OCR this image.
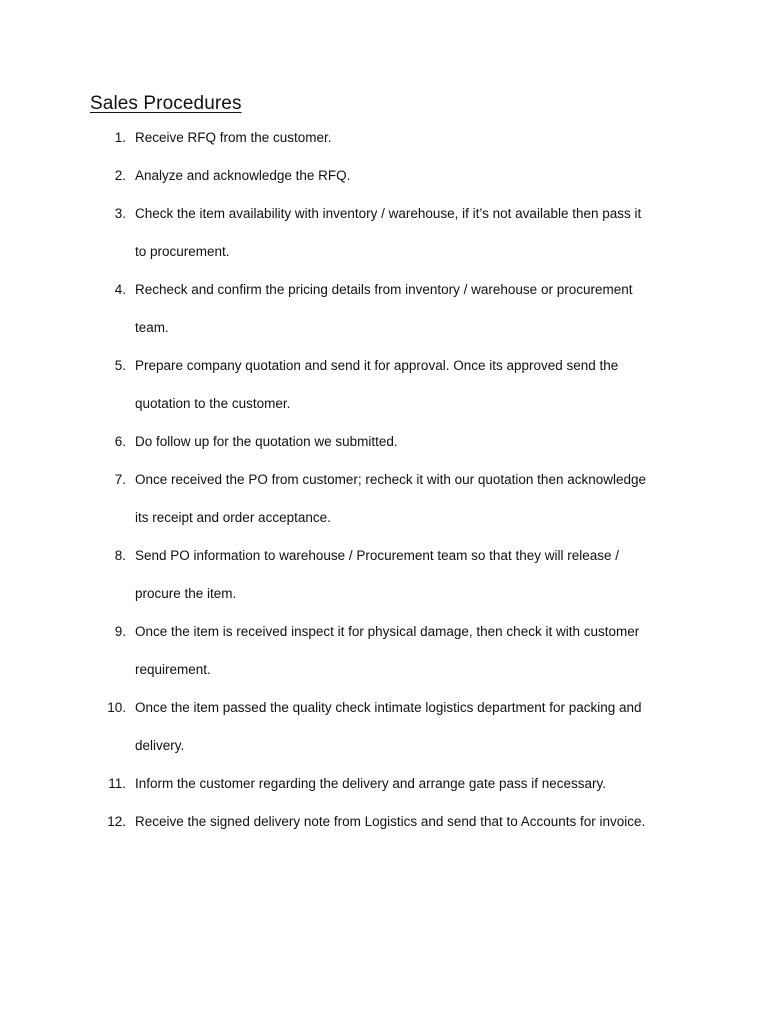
Sales Procedures
1. Receive RFQ from the customer.
2. Analyze and acknowledge the RFQ.
3. Check the item availability with inventory / warehouse, if it’s not available then pass it
to procurement.
4. Recheck and confirm the pricing details from inventory / warehouse or procurement
team.
5. Prepare company quotation and send it for approval. Once its approved send the
quotation to the customer.
6. Do follow up for the quotation we submitted.
7. Once received the PO from customer; recheck it with our quotation then acknowledge
its receipt and order acceptance.
8. Send PO information to warehouse / Procurement team so that they will release /
procure the item.
9. Once the item is received inspect it for physical damage, then check it with customer
requirement.
10. Once the item passed the quality check intimate logistics department for packing and
delivery.
11. Inform the customer regarding the delivery and arrange gate pass if necessary.
12. Receive the signed delivery note from Logistics and send that to Accounts for invoice.
